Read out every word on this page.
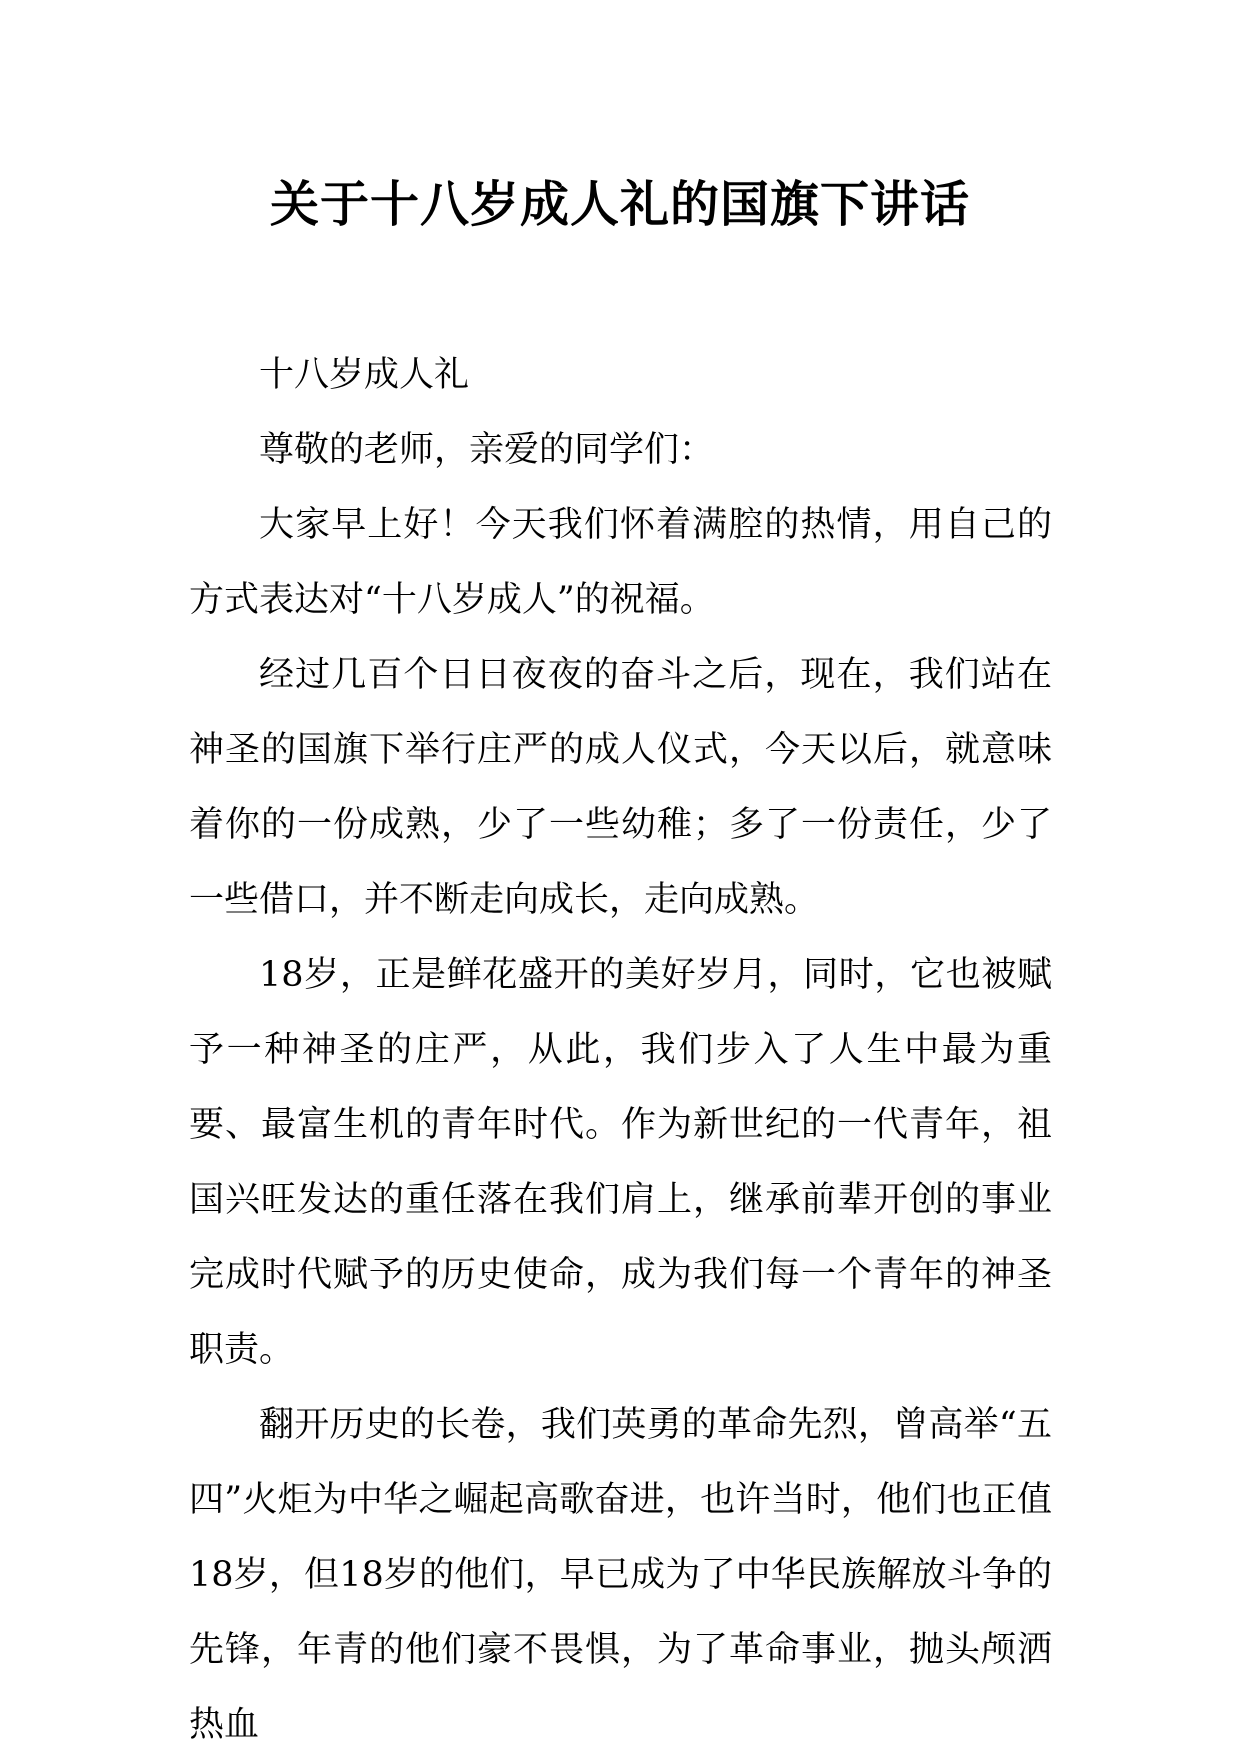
关于十八岁成人礼的国旗下讲话

十八岁成人礼

尊敬的老师，亲爱的同学们：

大家早上好！今天我们怀着满腔的热情，用自己的方式表达对“十八岁成人”的祝福。

经过几百个日日夜夜的奋斗之后，现在，我们站在神圣的国旗下举行庄严的成人仪式，今天以后，就意味着你的一份成熟，少了一些幼稚；多了一份责任，少了一些借口，并不断走向成长，走向成熟。

18岁，正是鲜花盛开的美好岁月，同时，它也被赋予一种神圣的庄严，从此，我们步入了人生中最为重要、最富生机的青年时代。作为新世纪的一代青年，祖国兴旺发达的重任落在我们肩上，继承前辈开创的事业完成时代赋予的历史使命，成为我们每一个青年的神圣职责。

翻开历史的长卷，我们英勇的革命先烈，曾高举“五四”火炬为中华之崛起高歌奋进，也许当时，他们也正值18岁，但18岁的他们，早已成为了中华民族解放斗争的先锋，年青的他们豪不畏惧，为了革命事业，抛头颅洒热血
